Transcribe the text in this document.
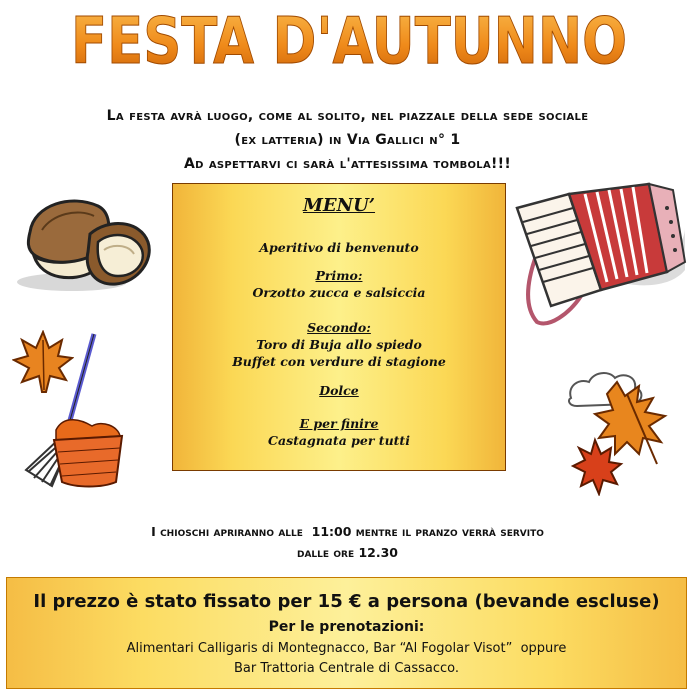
FESTA D'AUTUNNO
La festa avrà luogo, come al solito, nel piazzale della sede sociale
(ex latteria) in Via Gallici n° 1
Ad aspettarvi ci sarà l'attesissima tombola!!!
MENU’
Aperitivo di benvenuto
Primo:
Orzotto zucca e salsiccia
Secondo:
Toro di Buja allo spiedo
Buffet con verdure di stagione
Dolce
E per finire
Castagnata per tutti
I chioschi apriranno alle  11:00 mentre il pranzo verrà servito
dalle ore 12.30
Il prezzo è stato fissato per 15 € a persona (bevande escluse)
Per le prenotazioni:
Alimentari Calligaris di Montegnacco, Bar “Al Fogolar Visot”  oppure
Bar Trattoria Centrale di Cassacco.
